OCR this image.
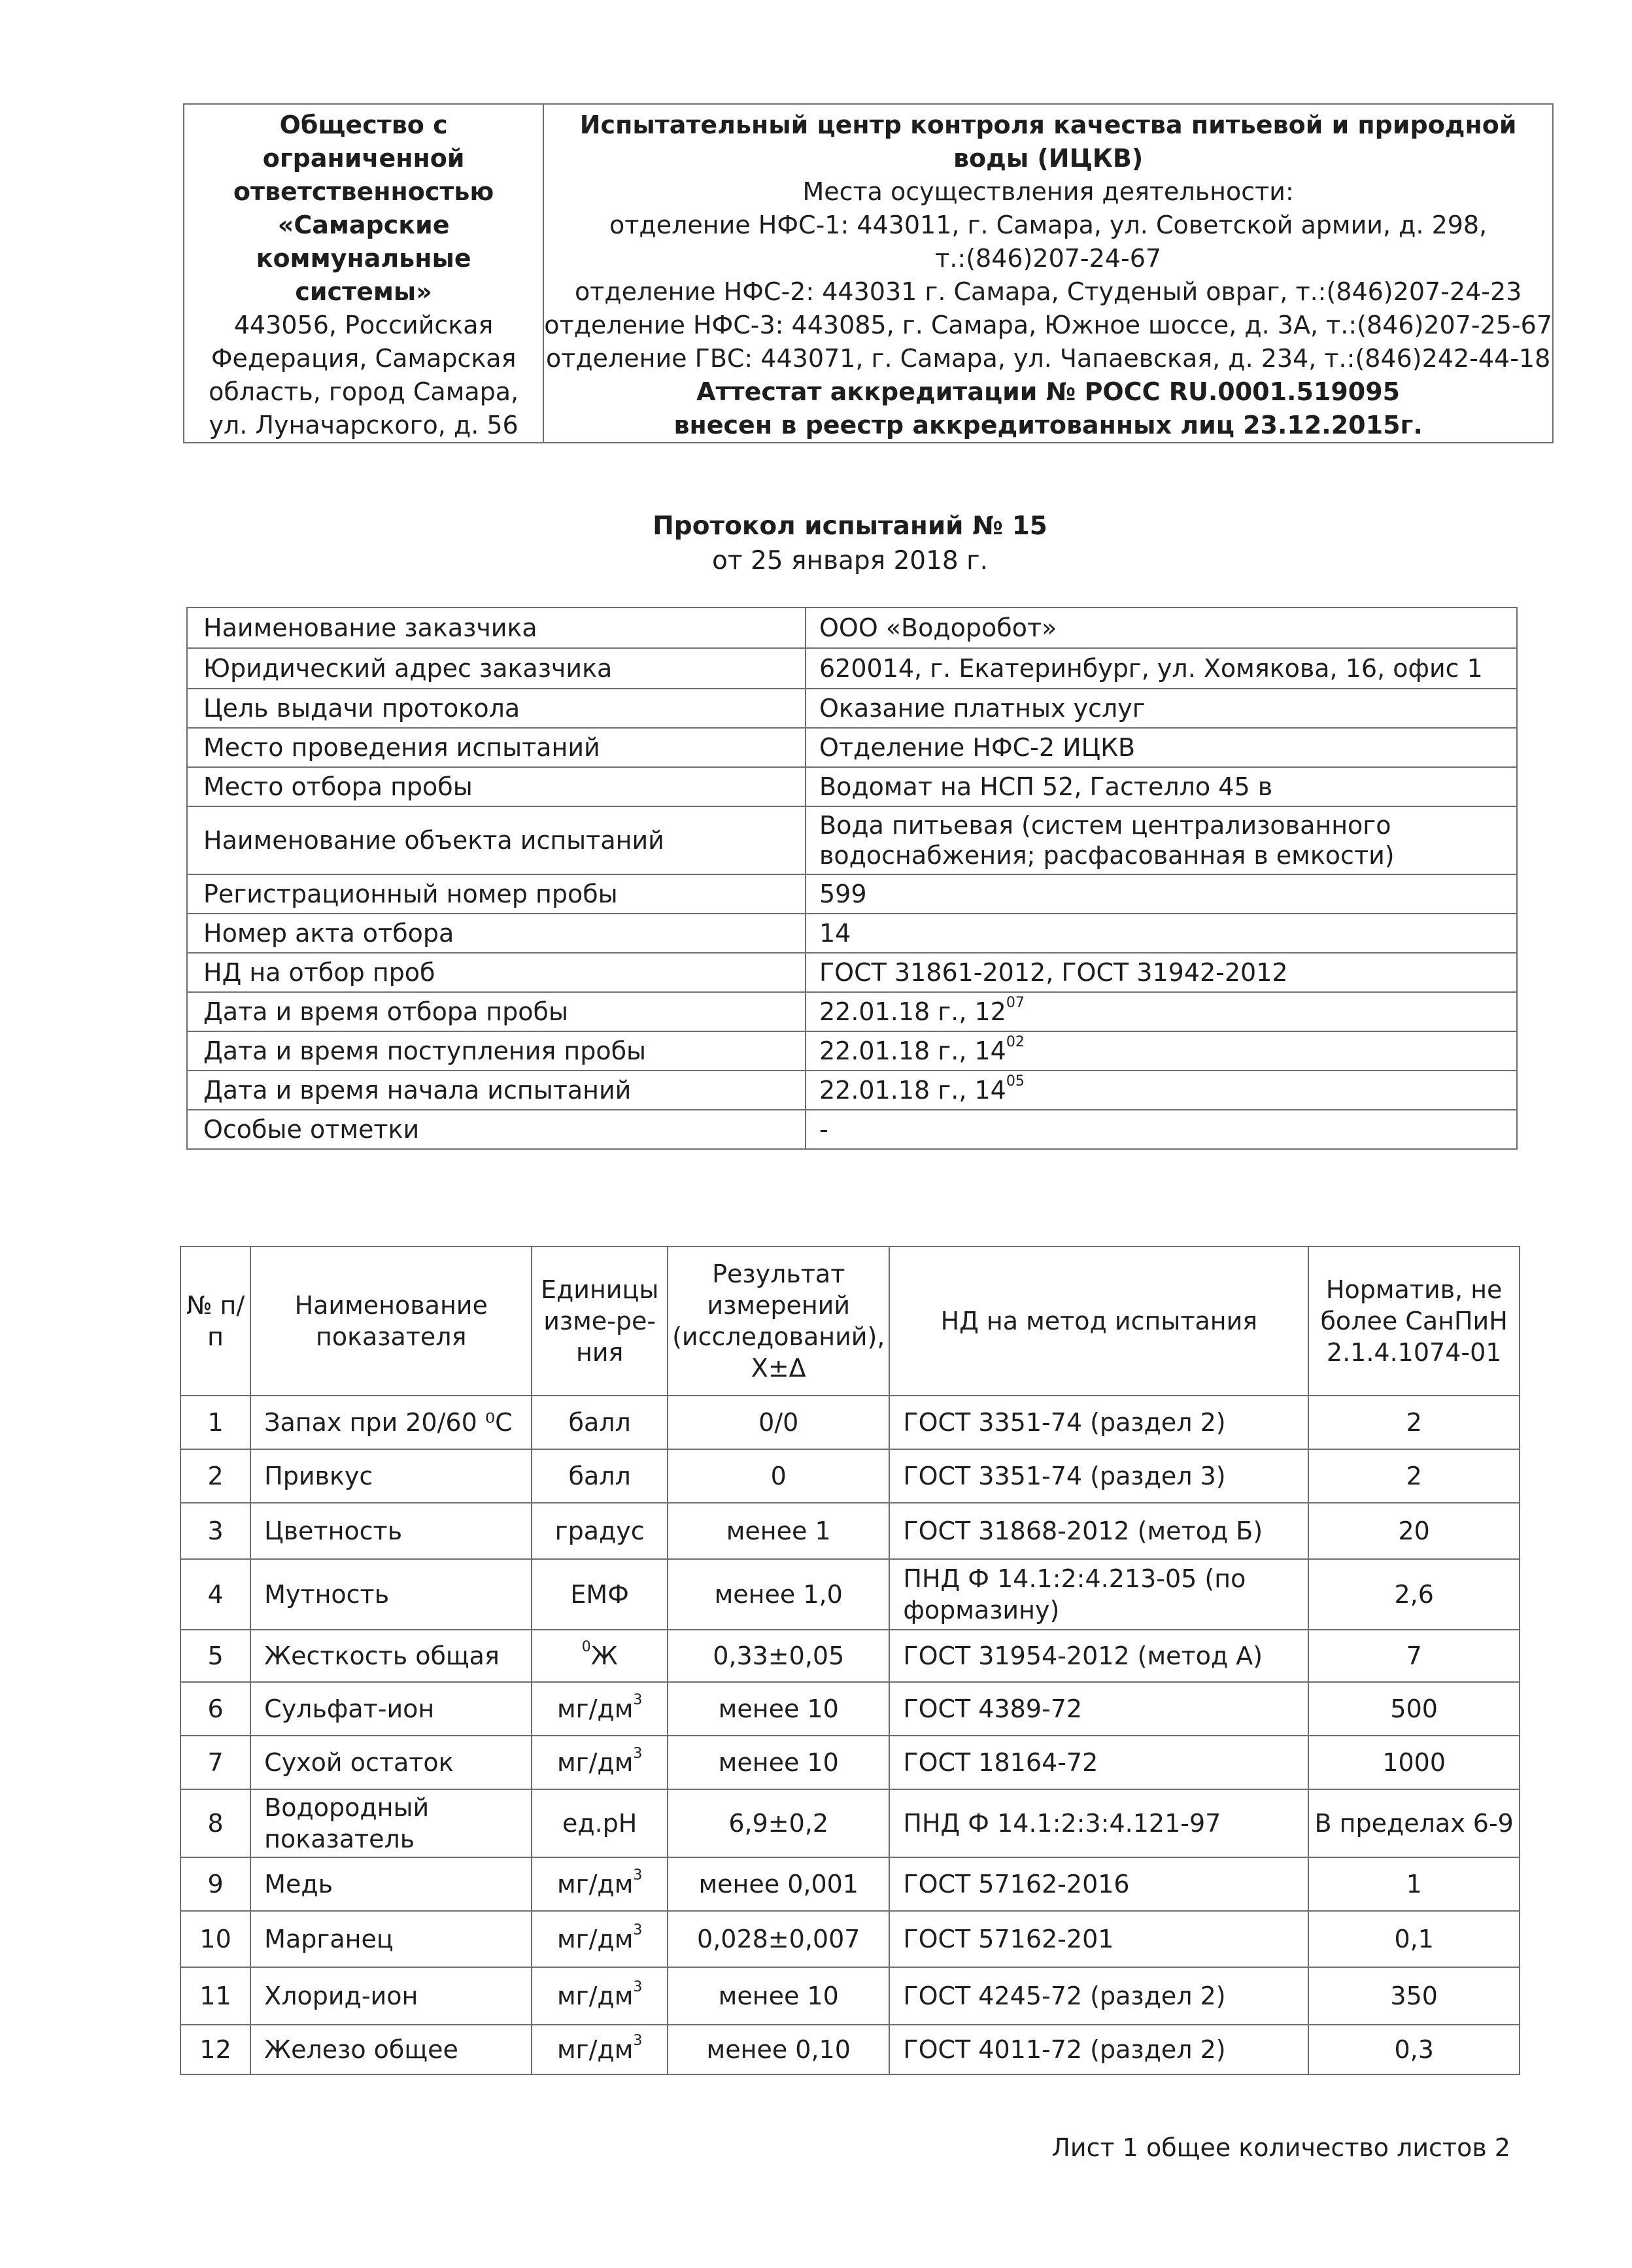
Общество с
ограниченной
ответственностью
«Самарские
коммунальные
системы»
443056, Российская
Федерация, Самарская
область, город Самара,
ул. Луначарского, д. 56

Испытательный центр контроля качества питьевой и природной
воды (ИЦКВ)
Места осуществления деятельности:
отделение НФС-1: 443011, г. Самара, ул. Советской армии, д. 298,
т.:(846)207-24-67
отделение НФС-2: 443031 г. Самара, Студеный овраг, т.:(846)207-24-23
отделение НФС-3: 443085, г. Самара, Южное шоссе, д. 3А, т.:(846)207-25-67
отделение ГВС: 443071, г. Самара, ул. Чапаевская, д. 234, т.:(846)242-44-18
Аттестат аккредитации № РОСС RU.0001.519095
внесен в реестр аккредитованных лиц 23.12.2015г.
Протокол испытаний № 15
от 25 января 2018 г.
Наименование заказчика	ООО «Водоробот»
Юридический адрес заказчика	620014, г. Екатеринбург, ул. Хомякова, 16, офис 1
Цель выдачи протокола	Оказание платных услуг
Место проведения испытаний	Отделение НФС-2 ИЦКВ
Место отбора пробы	Водомат на НСП 52, Гастелло 45 в
Наименование объекта испытаний	Вода питьевая (систем централизованного водоснабжения; расфасованная в емкости)
Регистрационный номер пробы	599
Номер акта отбора	14
НД на отбор проб	ГОСТ 31861-2012, ГОСТ 31942-2012
Дата и время отбора пробы	22.01.18 г., $12^{07}$
Дата и время поступления пробы	22.01.18 г., $14^{02}$
Дата и время начала испытаний	22.01.18 г., $14^{05}$
Особые отметки	-
№ п/п	Наименование показателя	Единицы изме-ре-ния	Результат измерений (исследований), Х±Δ	НД на метод испытания	Норматив, не более СанПиН 2.1.4.1074-01
1	Запах при 20/60 ⁰С	балл	0/0	ГОСТ 3351-74 (раздел 2)	2
2	Привкус	балл	0	ГОСТ 3351-74 (раздел 3)	2
3	Цветность	градус	менее 1	ГОСТ 31868-2012 (метод Б)	20
4	Мутность	ЕМФ	менее 1,0	ПНД Ф 14.1:2:4.213-05 (по формазину)	2,6
5	Жесткость общая	$^0$Ж	0,33±0,05	ГОСТ 31954-2012 (метод А)	7
6	Сульфат-ион	$мг/дм^3$	менее 10	ГОСТ 4389-72	500
7	Сухой остаток	$мг/дм^3$	менее 10	ГОСТ 18164-72	1000
8	Водородный показатель	ед.рН	6,9±0,2	ПНД Ф 14.1:2:3:4.121-97	В пределах 6-9
9	Медь	$мг/дм^3$	менее 0,001	ГОСТ 57162-2016	1
10	Марганец	$мг/дм^3$	0,028±0,007	ГОСТ 57162-201	0,1
11	Хлорид-ион	$мг/дм^3$	менее 10	ГОСТ 4245-72 (раздел 2)	350
12	Железо общее	$мг/дм^3$	менее 0,10	ГОСТ 4011-72 (раздел 2)	0,3
Лист 1 общее количество листов 2
